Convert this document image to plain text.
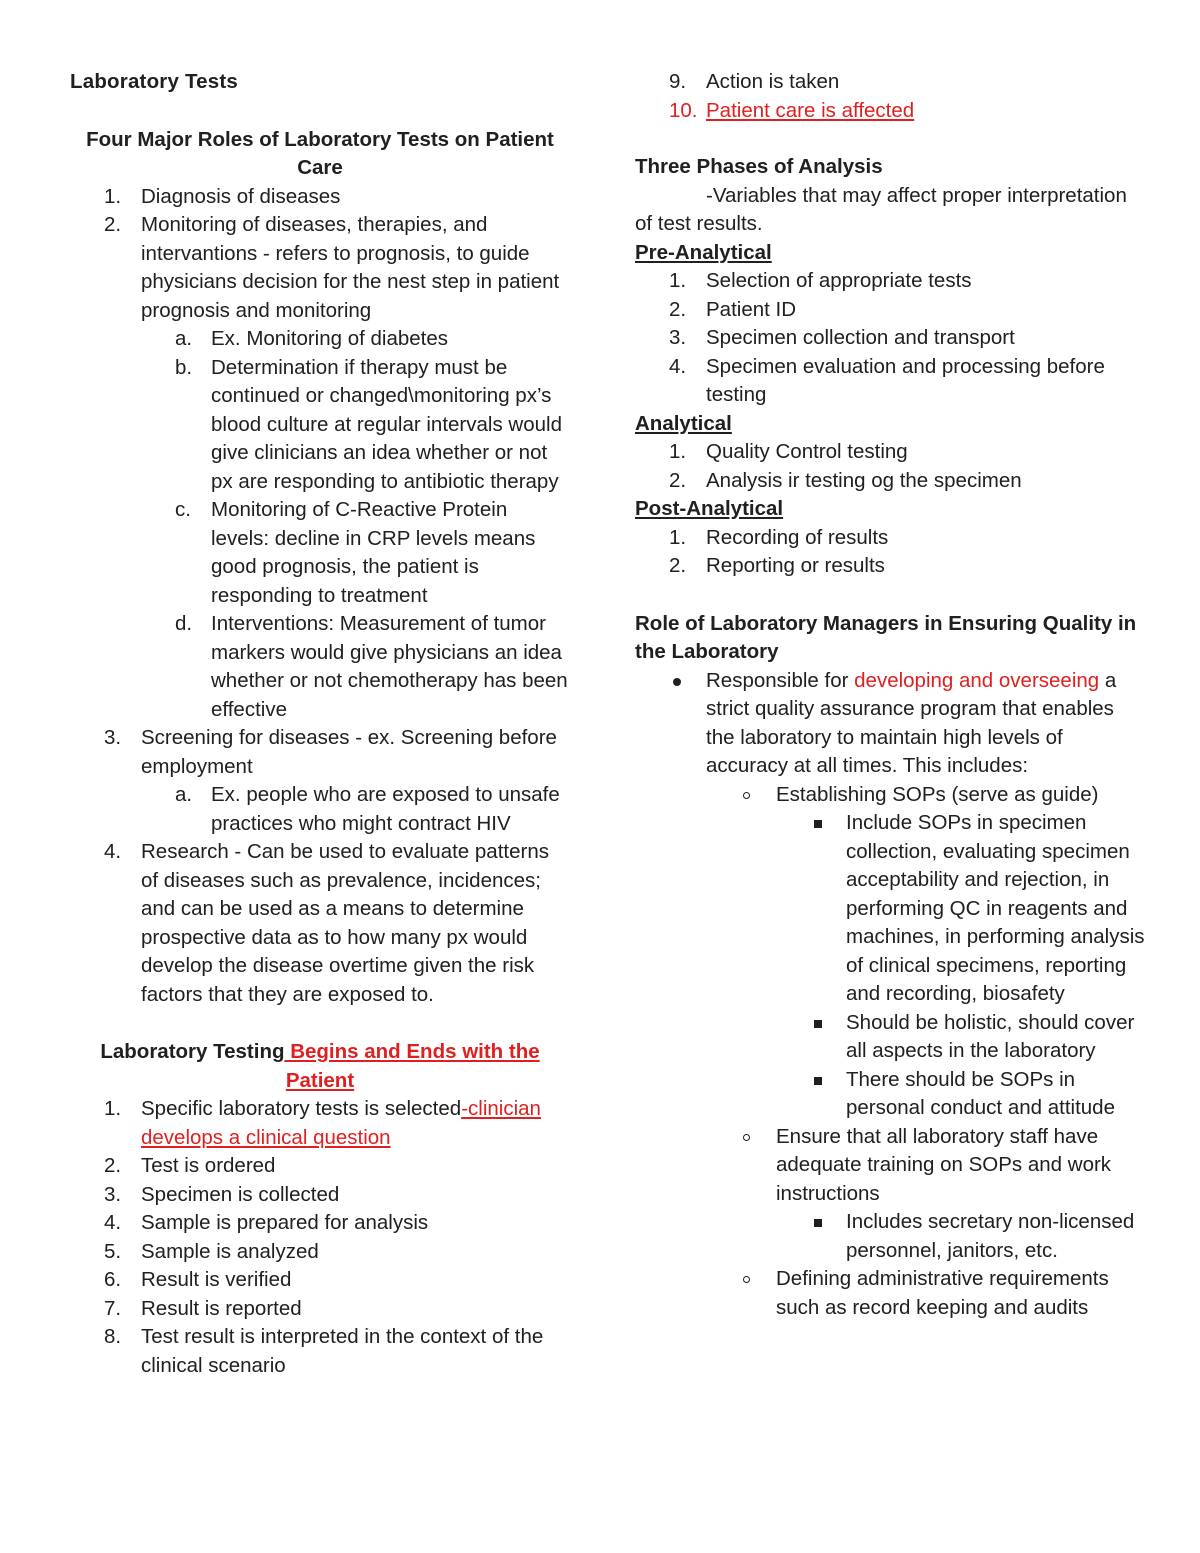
Laboratory Tests

Four Major Roles of Laboratory Tests on Patient Care

1. Diagnosis of diseases
2. Monitoring of diseases, therapies, and intervantions - refers to prognosis, to guide physicians decision for the nest step in patient prognosis and monitoring
a. Ex. Monitoring of diabetes
b. Determination if therapy must be continued or changed\monitoring px’s blood culture at regular intervals would give clinicians an idea whether or not px are responding to antibiotic therapy
c. Monitoring of C-Reactive Protein levels: decline in CRP levels means good prognosis, the patient is responding to treatment
d. Interventions: Measurement of tumor markers would give physicians an idea whether or not chemotherapy has been effective
3. Screening for diseases - ex. Screening before employment
a. Ex. people who are exposed to unsafe practices who might contract HIV
4. Research - Can be used to evaluate patterns of diseases such as prevalence, incidences; and can be used as a means to determine prospective data as to how many px would develop the disease overtime given the risk factors that they are exposed to.

Laboratory Testing Begins and Ends with the Patient

1. Specific laboratory tests is selected-clinician develops a clinical question
2. Test is ordered
3. Specimen is collected
4. Sample is prepared for analysis
5. Sample is analyzed
6. Result is verified
7. Result is reported
8. Test result is interpreted in the context of the clinical scenario
9. Action is taken
10. Patient care is affected

Three Phases of Analysis

-Variables that may affect proper interpretation of test results.

Pre-Analytical

1. Selection of appropriate tests
2. Patient ID
3. Specimen collection and transport
4. Specimen evaluation and processing before testing

Analytical

1. Quality Control testing
2. Analysis ir testing og the specimen

Post-Analytical

1. Recording of results
2. Reporting or results

Role of Laboratory Managers in Ensuring Quality in the Laboratory

Responsible for developing and overseeing a strict quality assurance program that enables the laboratory to maintain high levels of accuracy at all times. This includes:
Establishing SOPs (serve as guide)
Include SOPs in specimen collection, evaluating specimen acceptability and rejection, in performing QC in reagents and machines, in performing analysis of clinical specimens, reporting and recording, biosafety
Should be holistic, should cover all aspects in the laboratory
There should be SOPs in personal conduct and attitude
Ensure that all laboratory staff have adequate training on SOPs and work instructions
Includes secretary non-licensed personnel, janitors, etc.
Defining administrative requirements such as record keeping and audits
